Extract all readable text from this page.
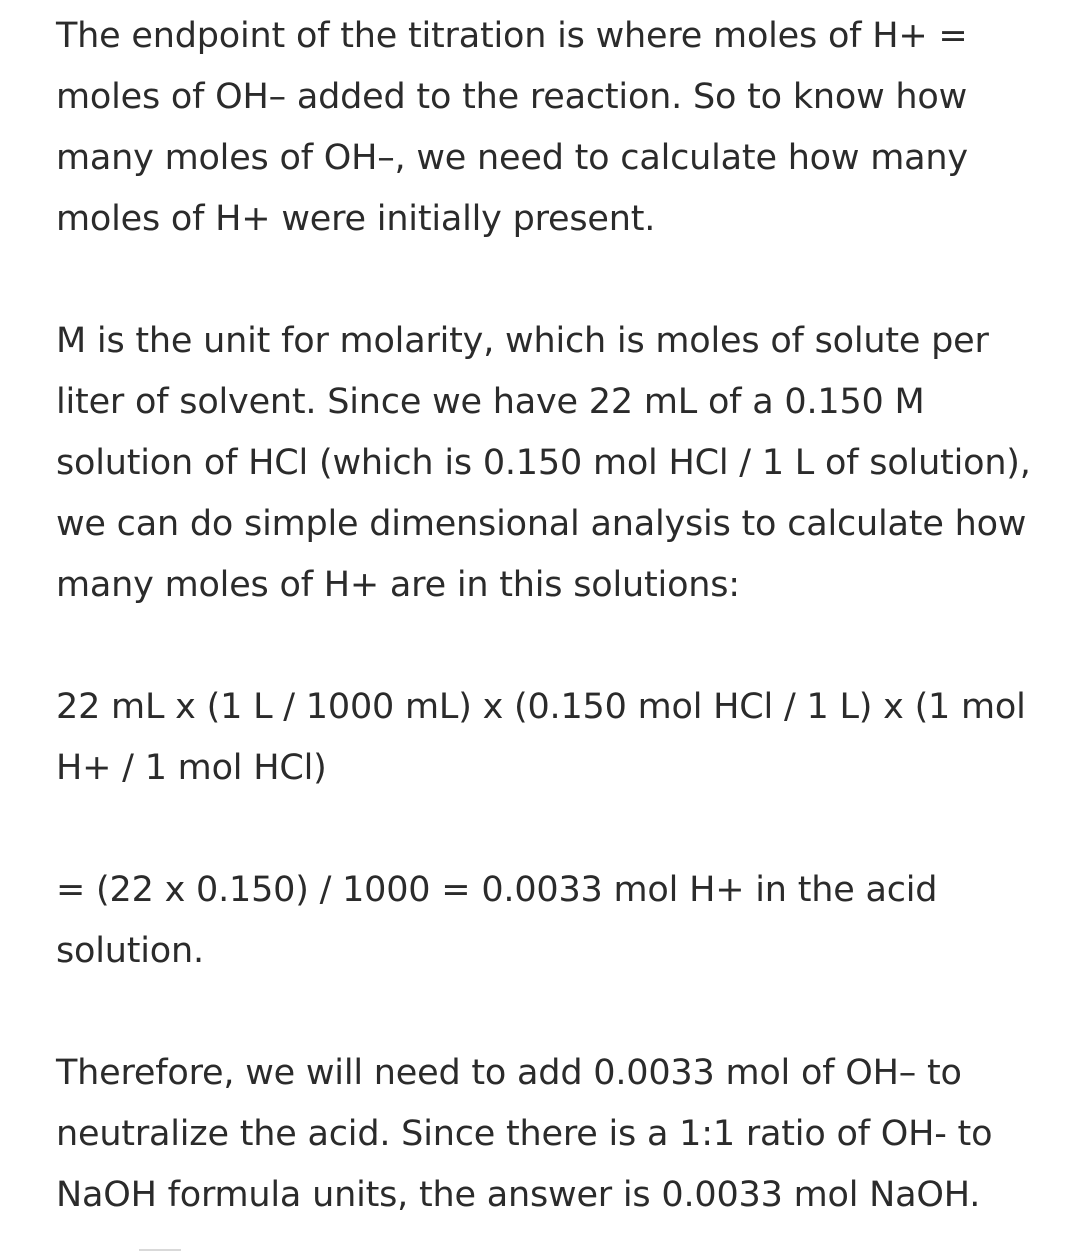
The endpoint of the titration is where moles of H+ = moles of OH– added to the reaction. So to know how many moles of OH–, we need to calculate how many moles of H+ were initially present.

M is the unit for molarity, which is moles of solute per liter of solvent. Since we have 22 mL of a 0.150 M solution of HCl (which is 0.150 mol HCl / 1 L of solution), we can do simple dimensional analysis to calculate how many moles of H+ are in this solutions:

22 mL x (1 L / 1000 mL) x (0.150 mol HCl / 1 L) x (1 mol H+ / 1 mol HCl)

= (22 x 0.150) / 1000 = 0.0033 mol H+ in the acid solution.

Therefore, we will need to add 0.0033 mol of OH– to neutralize the acid. Since there is a 1:1 ratio of OH- to NaOH formula units, the answer is 0.0033 mol NaOH.
